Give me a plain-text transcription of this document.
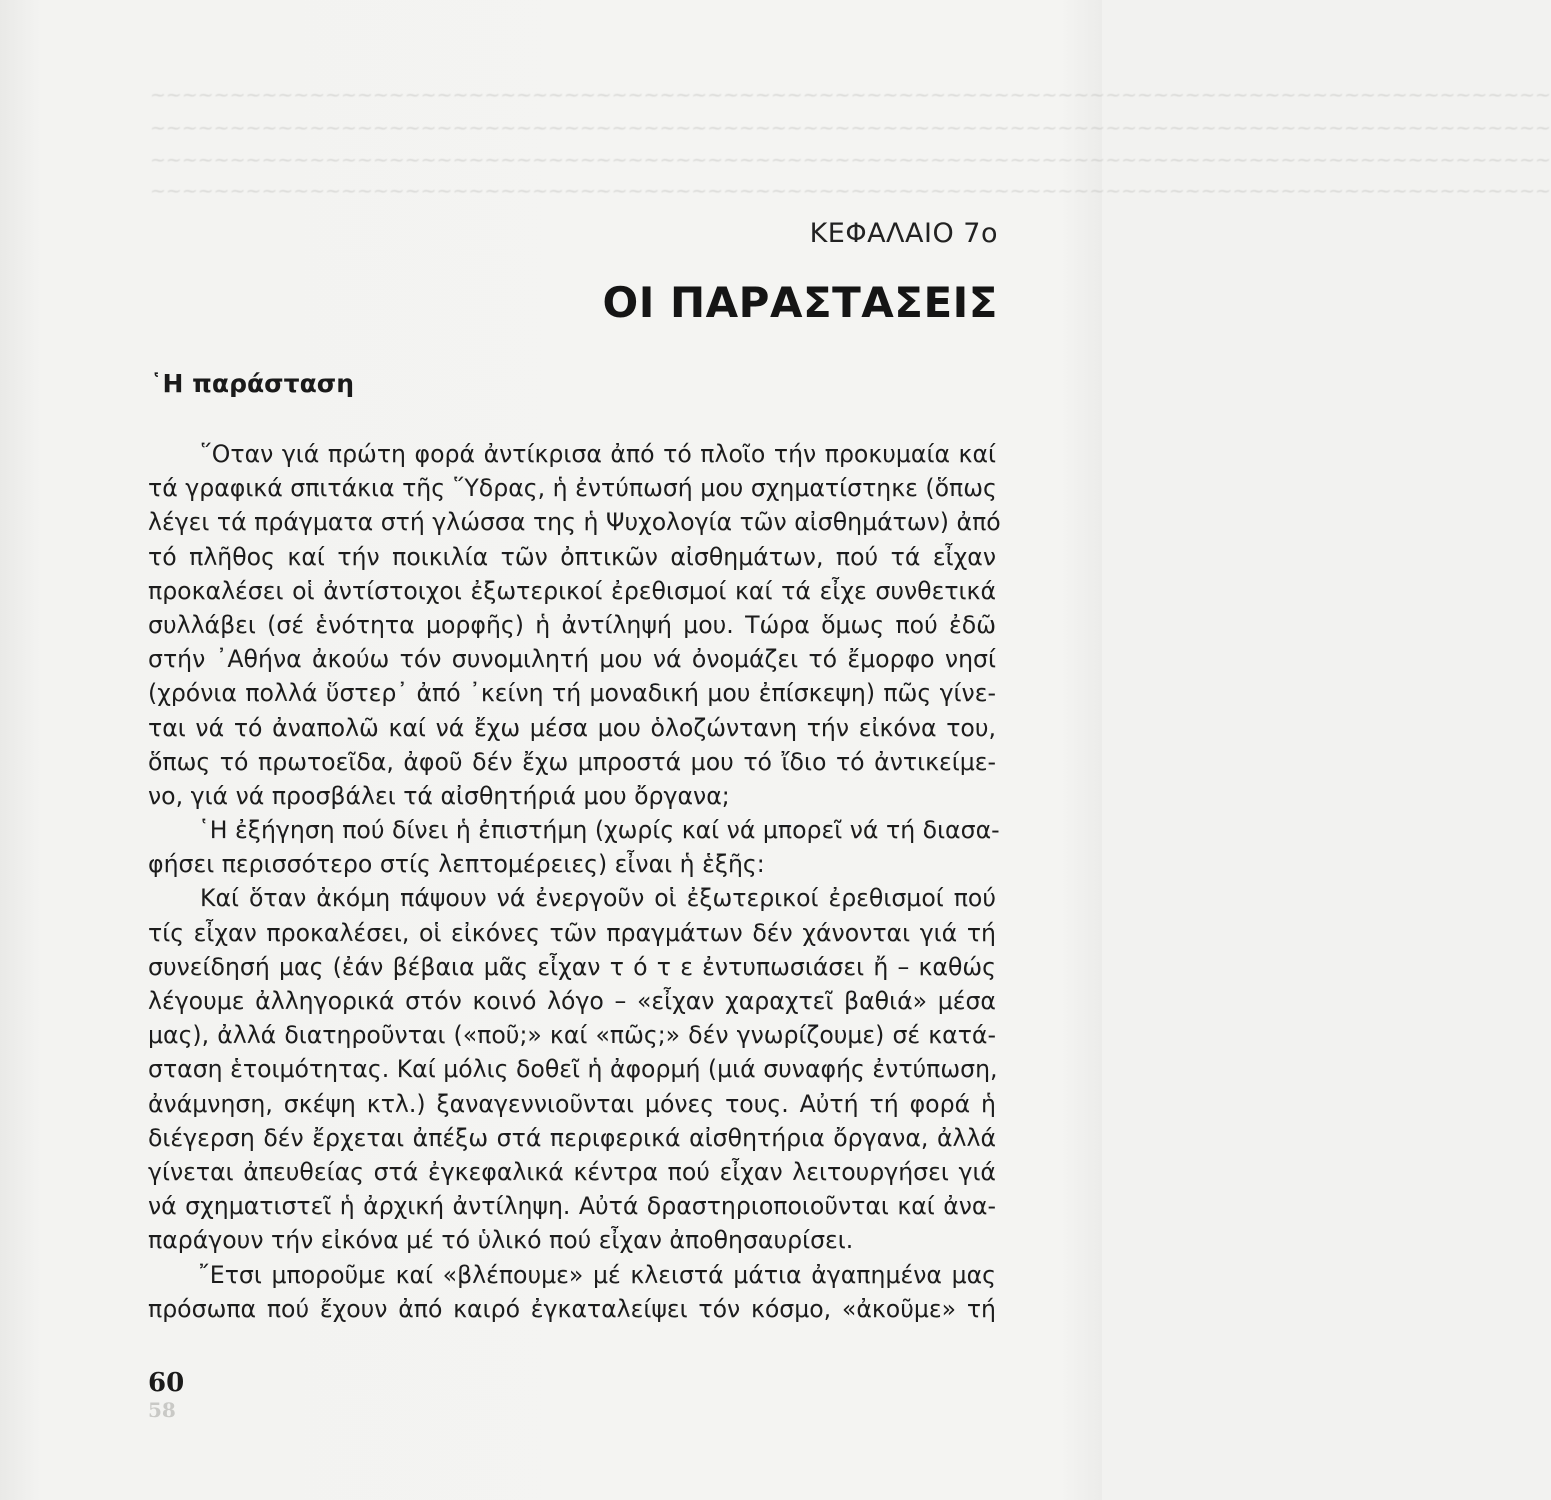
~~~~~~~~~~~~~~~~~~~~~~~~~~~~~~~~~~~~~~~~~~~~~~~~~~~~~~~~~~~~~~~~~~~~~~~~~~~~~~~~~~~~~~~~
~~~~~~~~~~~~~~~~~~~~~~~~~~~~~~~~~~~~~~~~~~~~~~~~~~~~~~~~~~~~~~~~~~~~~~~~~~~~~~~~~~~~~~~~
~~~~~~~~~~~~~~~~~~~~~~~~~~~~~~~~~~~~~~~~~~~~~~~~~~~~~~~~~~~~~~~~~~~~~~~~~~~~~~~~~~~~~~~~
~~~~~~~~~~~~~~~~~~~~~~~~~~~~~~~~~~~~~~~~~~~~~~~~~~~~~~~~~~~~~~~~~~~~~~~~~~~~~~~~~~~~~~~~
ΚΕΦΑΛΑΙΟ 7ο
ΟΙ ΠΑΡΑΣΤΑΣΕΙΣ
῾Η παράσταση
῞Οταν γιά πρώτη φορά ἀντίκρισα ἀπό τό πλοῖο τήν προκυμαία καί
τά γραφικά σπιτάκια τῆς ῞Υδρας, ἡ ἐντύπωσή μου σχηματίστηκε (ὅπως
λέγει τά πράγματα στή γλώσσα της ἡ Ψυχολογία τῶν αἰσθημάτων) ἀπό
τό πλῆθος καί τήν ποικιλία τῶν ὀπτικῶν αἰσθημάτων, πού τά εἶχαν
προκαλέσει οἱ ἀντίστοιχοι ἐξωτερικοί ἐρεθισμοί καί τά εἶχε συνθετικά
συλλάβει (σέ ἑνότητα μορφῆς) ἡ ἀντίληψή μου. Τώρα ὅμως πού ἐδῶ
στήν ᾿Αθήνα ἀκούω τόν συνομιλητή μου νά ὀνομάζει τό ἔμορφο νησί
(χρόνια πολλά ὕστερ᾿ ἀπό ᾿κείνη τή μοναδική μου ἐπίσκεψη) πῶς γίνε-
ται νά τό ἀναπολῶ καί νά ἔχω μέσα μου ὁλοζώντανη τήν εἰκόνα του,
ὅπως τό πρωτοεῖδα, ἀφοῦ δέν ἔχω μπροστά μου τό ἴδιο τό ἀντικείμε-
νο, γιά νά προσβάλει τά αἰσθητήριά μου ὄργανα;
῾Η ἐξήγηση πού δίνει ἡ ἐπιστήμη (χωρίς καί νά μπορεῖ νά τή διασα-
φήσει περισσότερο στίς λεπτομέρειες) εἶναι ἡ ἑξῆς:
Καί ὅταν ἀκόμη πάψουν νά ἐνεργοῦν οἱ ἐξωτερικοί ἐρεθισμοί πού
τίς εἶχαν προκαλέσει, οἱ εἰκόνες τῶν πραγμάτων δέν χάνονται γιά τή
συνείδησή μας (ἐάν βέβαια μᾶς εἶχαν τ ό τ ε ἐντυπωσιάσει ἤ – καθώς
λέγουμε ἀλληγορικά στόν κοινό λόγο – «εἶχαν χαραχτεῖ βαθιά» μέσα
μας), ἀλλά διατηροῦνται («ποῦ;» καί «πῶς;» δέν γνωρίζουμε) σέ κατά-
σταση ἑτοιμότητας. Καί μόλις δοθεῖ ἡ ἀφορμή (μιά συναφής ἐντύπωση,
ἀνάμνηση, σκέψη κτλ.) ξαναγεννιοῦνται μόνες τους. Αὐτή τή φορά ἡ
διέγερση δέν ἔρχεται ἀπέξω στά περιφερικά αἰσθητήρια ὄργανα, ἀλλά
γίνεται ἀπευθείας στά ἐγκεφαλικά κέντρα πού εἶχαν λειτουργήσει γιά
νά σχηματιστεῖ ἡ ἀρχική ἀντίληψη. Αὐτά δραστηριοποιοῦνται καί ἀνα-
παράγουν τήν εἰκόνα μέ τό ὑλικό πού εἶχαν ἀποθησαυρίσει.
῎Ετσι μποροῦμε καί «βλέπουμε» μέ κλειστά μάτια ἀγαπημένα μας
πρόσωπα πού ἔχουν ἀπό καιρό ἐγκαταλείψει τόν κόσμο, «ἀκοῦμε» τή
60
58
